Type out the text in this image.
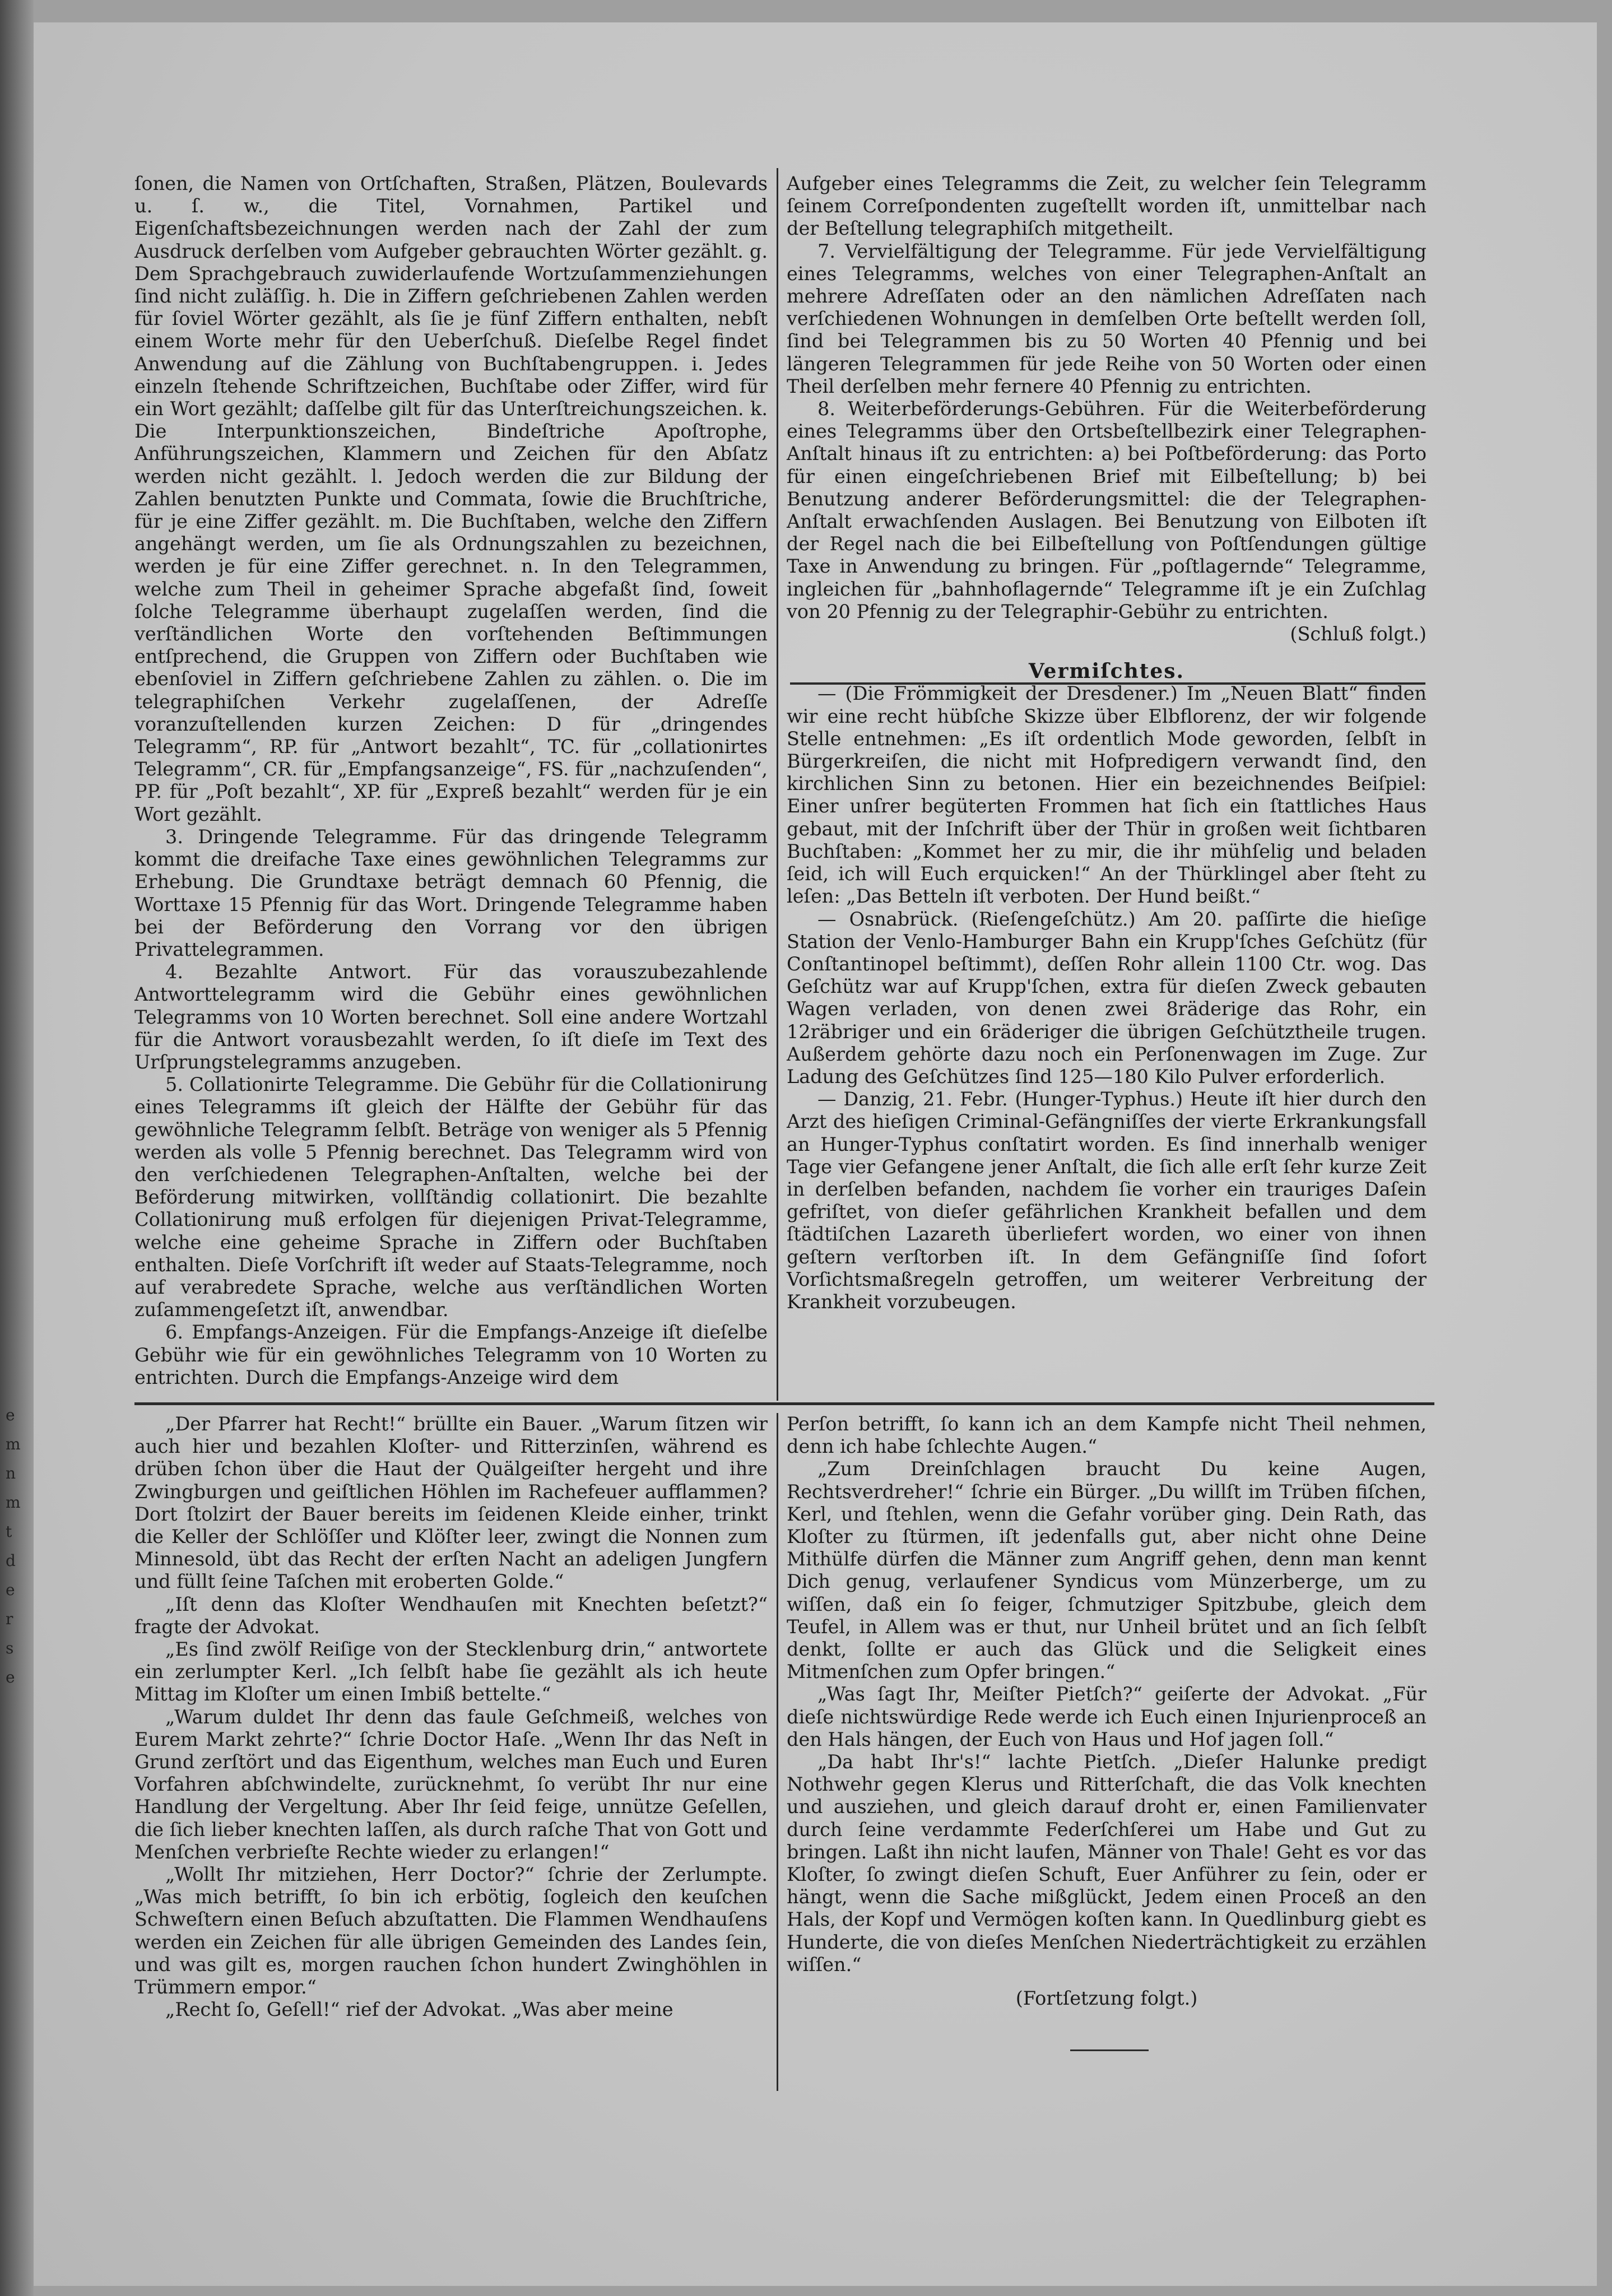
e
m
n
m
t
d
e
r
s
e

ſonen, die Namen von Ortſchaften, Straßen, Plätzen, Boulevards u. ſ. w., die Titel, Vornahmen, Partikel und Eigenſchaftsbezeichnungen werden nach der Zahl der zum Ausdruck derſelben vom Aufgeber gebrauchten Wörter gezählt. g. Dem Sprachgebrauch zuwiderlaufende Wortzuſammenziehungen ſind nicht zuläſſig. h. Die in Ziffern geſchriebenen Zahlen werden für ſoviel Wörter gezählt, als ſie je fünf Ziffern enthalten, nebſt einem Worte mehr für den Ueberſchuß. Dieſelbe Regel findet Anwendung auf die Zählung von Buchſtabengruppen. i. Jedes einzeln ſtehende Schriftzeichen, Buchſtabe oder Ziffer, wird für ein Wort gezählt; daſſelbe gilt für das Unterſtreichungszeichen. k. Die Interpunktionszeichen, Bindeſtriche Apoſtrophe, Anführungszeichen, Klammern und Zeichen für den Abſatz werden nicht gezählt. l. Jedoch werden die zur Bildung der Zahlen benutzten Punkte und Commata, ſowie die Bruchſtriche, für je eine Ziffer gezählt. m. Die Buchſtaben, welche den Ziffern angehängt werden, um ſie als Ordnungszahlen zu bezeichnen, werden je für eine Ziffer gerechnet. n. In den Telegrammen, welche zum Theil in geheimer Sprache abgefaßt ſind, ſoweit ſolche Telegramme überhaupt zugelaſſen werden, ſind die verſtändlichen Worte den vorſtehenden Beſtimmungen entſprechend, die Gruppen von Ziffern oder Buchſtaben wie ebenſoviel in Ziffern geſchriebene Zahlen zu zählen. o. Die im telegraphiſchen Verkehr zugelaſſenen, der Adreſſe voranzuſtellenden kurzen Zeichen: D für „dringendes Telegramm“, RP. für „Antwort bezahlt“, TC. für „collationirtes Telegramm“, CR. für „Empfangsanzeige“, FS. für „nachzuſenden“, PP. für „Poſt bezahlt“, XP. für „Expreß bezahlt“ werden für je ein Wort gezählt.

3. Dringende Telegramme. Für das dringende Telegramm kommt die dreifache Taxe eines gewöhnlichen Telegramms zur Erhebung. Die Grundtaxe beträgt demnach 60 Pfennig, die Worttaxe 15 Pfennig für das Wort. Dringende Telegramme haben bei der Beförderung den Vorrang vor den übrigen Privattelegrammen.

4. Bezahlte Antwort. Für das vorauszubezahlende Antworttelegramm wird die Gebühr eines gewöhnlichen Telegramms von 10 Worten berechnet. Soll eine andere Wortzahl für die Antwort vorausbezahlt werden, ſo iſt dieſe im Text des Urſprungstelegramms anzugeben.

5. Collationirte Telegramme. Die Gebühr für die Collationirung eines Telegramms iſt gleich der Hälfte der Gebühr für das gewöhnliche Telegramm ſelbſt. Beträge von weniger als 5 Pfennig werden als volle 5 Pfennig berechnet. Das Telegramm wird von den verſchiedenen Telegraphen-Anſtalten, welche bei der Beförderung mitwirken, vollſtändig collationirt. Die bezahlte Collationirung muß erfolgen für diejenigen Privat-Telegramme, welche eine geheime Sprache in Ziffern oder Buchſtaben enthalten. Dieſe Vorſchrift iſt weder auf Staats-Telegramme, noch auf verabredete Sprache, welche aus verſtändlichen Worten zuſammengeſetzt iſt, anwendbar.

6. Empfangs-Anzeigen. Für die Empfangs-Anzeige iſt dieſelbe Gebühr wie für ein gewöhnliches Telegramm von 10 Worten zu entrichten. Durch die Empfangs-Anzeige wird dem

Aufgeber eines Telegramms die Zeit, zu welcher ſein Telegramm ſeinem Correſpondenten zugeſtellt worden iſt, unmittelbar nach der Beſtellung telegraphiſch mitgetheilt.

7. Vervielfältigung der Telegramme. Für jede Vervielfältigung eines Telegramms, welches von einer Telegraphen-Anſtalt an mehrere Adreſſaten oder an den nämlichen Adreſſaten nach verſchiedenen Wohnungen in demſelben Orte beſtellt werden ſoll, ſind bei Telegrammen bis zu 50 Worten 40 Pfennig und bei längeren Telegrammen für jede Reihe von 50 Worten oder einen Theil derſelben mehr fernere 40 Pfennig zu entrichten.

8. Weiterbeförderungs-Gebühren. Für die Weiterbeförderung eines Telegramms über den Ortsbeſtellbezirk einer Telegraphen-Anſtalt hinaus iſt zu entrichten: a) bei Poſtbeförderung: das Porto für einen eingeſchriebenen Brief mit Eilbeſtellung; b) bei Benutzung anderer Beförderungsmittel: die der Telegraphen-Anſtalt erwachſenden Auslagen. Bei Benutzung von Eilboten iſt der Regel nach die bei Eilbeſtellung von Poſtſendungen gültige Taxe in Anwendung zu bringen. Für „poſtlagernde“ Telegramme, ingleichen für „bahnhoflagernde“ Telegramme iſt je ein Zuſchlag von 20 Pfennig zu der Telegraphir-Gebühr zu entrichten.

(Schluß folgt.)

Vermiſchtes.

— (Die Frömmigkeit der Dresdener.) Im „Neuen Blatt“ finden wir eine recht hübſche Skizze über Elbflorenz, der wir folgende Stelle entnehmen: „Es iſt ordentlich Mode geworden, ſelbſt in Bürgerkreiſen, die nicht mit Hofpredigern verwandt ſind, den kirchlichen Sinn zu betonen. Hier ein bezeichnendes Beiſpiel: Einer unſrer begüterten Frommen hat ſich ein ſtattliches Haus gebaut, mit der Inſchrift über der Thür in großen weit ſichtbaren Buchſtaben: „Kommet her zu mir, die ihr mühſelig und beladen ſeid, ich will Euch erquicken!“ An der Thürklingel aber ſteht zu leſen: „Das Betteln iſt verboten. Der Hund beißt.“

— Osnabrück. (Rieſengeſchütz.) Am 20. paſſirte die hieſige Station der Venlo-Hamburger Bahn ein Krupp'ſches Geſchütz (für Conſtantinopel beſtimmt), deſſen Rohr allein 1100 Ctr. wog. Das Geſchütz war auf Krupp'ſchen, extra für dieſen Zweck gebauten Wagen verladen, von denen zwei 8räderige das Rohr, ein 12räbriger und ein 6räderiger die übrigen Geſchütztheile trugen. Außerdem gehörte dazu noch ein Perſonenwagen im Zuge. Zur Ladung des Geſchützes ſind 125—180 Kilo Pulver erforderlich.

— Danzig, 21. Febr. (Hunger-Typhus.) Heute iſt hier durch den Arzt des hieſigen Criminal-Gefängniſſes der vierte Erkrankungsfall an Hunger-Typhus conſtatirt worden. Es ſind innerhalb weniger Tage vier Gefangene jener Anſtalt, die ſich alle erſt ſehr kurze Zeit in derſelben befanden, nachdem ſie vorher ein trauriges Daſein gefriſtet, von dieſer gefährlichen Krankheit befallen und dem ſtädtiſchen Lazareth überliefert worden, wo einer von ihnen geſtern verſtorben iſt. In dem Gefängniſſe ſind ſofort Vorſichtsmaßregeln getroffen, um weiterer Verbreitung der Krankheit vorzubeugen.

„Der Pfarrer hat Recht!“ brüllte ein Bauer. „Warum ſitzen wir auch hier und bezahlen Kloſter- und Ritterzinſen, während es drüben ſchon über die Haut der Quälgeiſter hergeht und ihre Zwingburgen und geiſtlichen Höhlen im Rachefeuer aufflammen? Dort ſtolzirt der Bauer bereits im ſeidenen Kleide einher, trinkt die Keller der Schlöſſer und Klöſter leer, zwingt die Nonnen zum Minnesold, übt das Recht der erſten Nacht an adeligen Jungfern und füllt ſeine Taſchen mit eroberten Golde.“

„Iſt denn das Kloſter Wendhauſen mit Knechten beſetzt?“ fragte der Advokat.

„Es ſind zwölf Reiſige von der Stecklenburg drin,“ antwortete ein zerlumpter Kerl. „Ich ſelbſt habe ſie gezählt als ich heute Mittag im Kloſter um einen Imbiß bettelte.“

„Warum duldet Ihr denn das faule Geſchmeiß, welches von Eurem Markt zehrte?“ ſchrie Doctor Haſe. „Wenn Ihr das Neſt in Grund zerſtört und das Eigenthum, welches man Euch und Euren Vorfahren abſchwindelte, zurücknehmt, ſo verübt Ihr nur eine Handlung der Vergeltung. Aber Ihr ſeid feige, unnütze Geſellen, die ſich lieber knechten laſſen, als durch raſche That von Gott und Menſchen verbrieſte Rechte wieder zu erlangen!“

„Wollt Ihr mitziehen, Herr Doctor?“ ſchrie der Zerlumpte. „Was mich betrifft, ſo bin ich erbötig, ſogleich den keuſchen Schweſtern einen Beſuch abzuſtatten. Die Flammen Wendhauſens werden ein Zeichen für alle übrigen Gemeinden des Landes ſein, und was gilt es, morgen rauchen ſchon hundert Zwinghöhlen in Trümmern empor.“

„Recht ſo, Geſell!“ rief der Advokat. „Was aber meine

Perſon betrifft, ſo kann ich an dem Kampfe nicht Theil nehmen, denn ich habe ſchlechte Augen.“

„Zum Dreinſchlagen braucht Du keine Augen, Rechtsverdreher!“ ſchrie ein Bürger. „Du willſt im Trüben fiſchen, Kerl, und ſtehlen, wenn die Gefahr vorüber ging. Dein Rath, das Kloſter zu ſtürmen, iſt jedenfalls gut, aber nicht ohne Deine Mithülfe dürfen die Männer zum Angriff gehen, denn man kennt Dich genug, verlaufener Syndicus vom Münzerberge, um zu wiſſen, daß ein ſo feiger, ſchmutziger Spitzbube, gleich dem Teufel, in Allem was er thut, nur Unheil brütet und an ſich ſelbſt denkt, ſollte er auch das Glück und die Seligkeit eines Mitmenſchen zum Opfer bringen.“

„Was ſagt Ihr, Meiſter Pietſch?“ geiſerte der Advokat. „Für dieſe nichtswürdige Rede werde ich Euch einen Injurienproceß an den Hals hängen, der Euch von Haus und Hof jagen ſoll.“

„Da habt Ihr's!“ lachte Pietſch. „Dieſer Halunke predigt Nothwehr gegen Klerus und Ritterſchaft, die das Volk knechten und ausziehen, und gleich darauf droht er, einen Familienvater durch ſeine verdammte Federſchſerei um Habe und Gut zu bringen. Laßt ihn nicht laufen, Männer von Thale! Geht es vor das Kloſter, ſo zwingt dieſen Schuft, Euer Anführer zu ſein, oder er hängt, wenn die Sache mißglückt, Jedem einen Proceß an den Hals, der Kopf und Vermögen koſten kann. In Quedlinburg giebt es Hunderte, die von dieſes Menſchen Niederträchtigkeit zu erzählen wiſſen.“

(Fortſetzung folgt.)
